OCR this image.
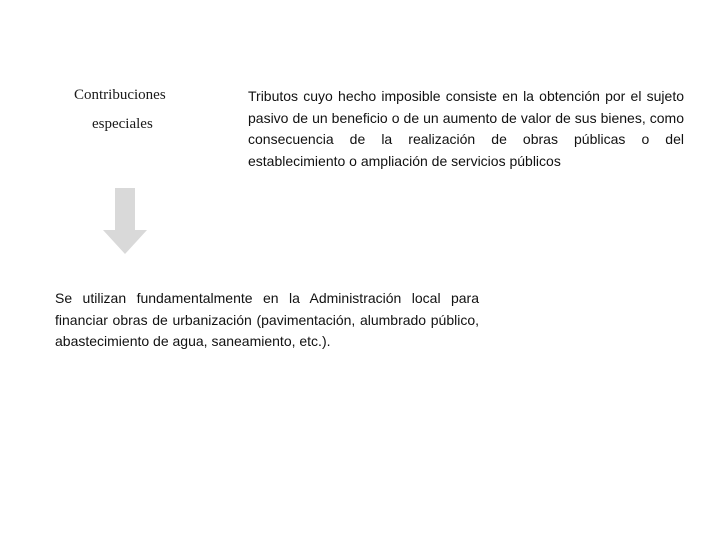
Contribuciones
especiales
Tributos cuyo hecho imposible consiste en la obtención por el sujeto pasivo de un beneficio o de un aumento de valor de sus bienes, como consecuencia de la realización de obras públicas o del establecimiento o ampliación de servicios públicos
Se utilizan fundamentalmente en la Administración local para financiar obras de urbanización (pavimentación, alumbrado público, abastecimiento de agua, saneamiento, etc.).
